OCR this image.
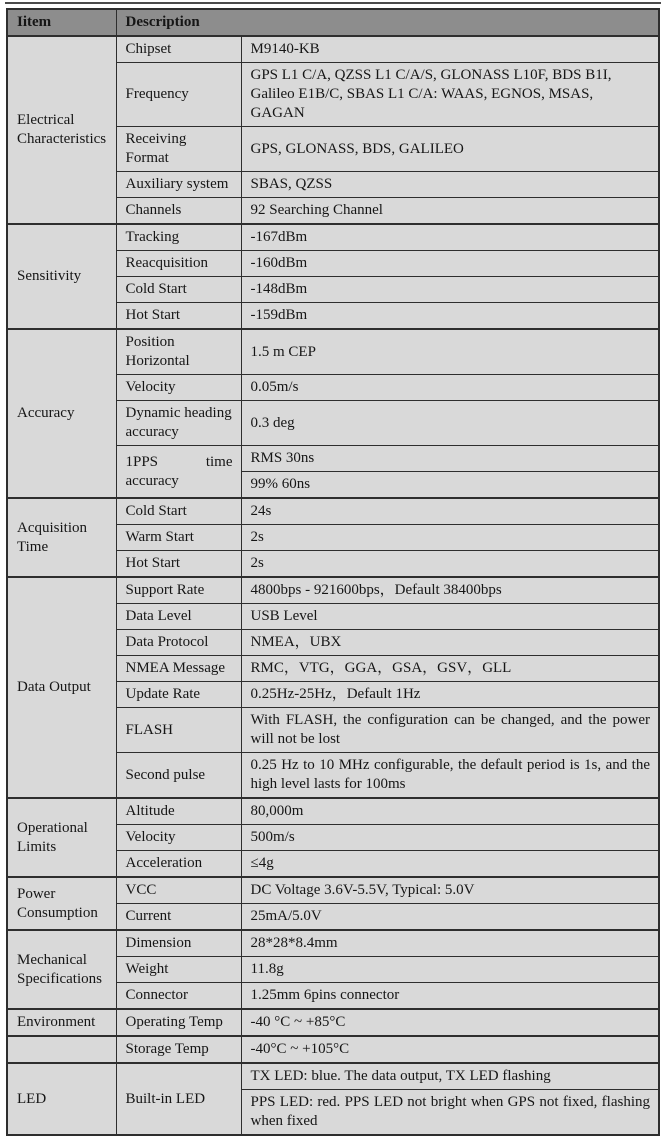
Iitem	Description	
Electrical Characteristics	Chipset	M9140-KB
	Frequency	GPS L1 C/A, QZSS L1 C/A/S, GLONASS L10F, BDS B1I, Galileo E1B/C, SBAS L1 C/A: WAAS, EGNOS, MSAS, GAGAN
	Receiving Format	GPS, GLONASS, BDS, GALILEO
	Auxiliary system	SBAS, QZSS
	Channels	92 Searching Channel
Sensitivity	Tracking	-167dBm
	Reacquisition	-160dBm
	Cold Start	-148dBm
	Hot Start	-159dBm
Accuracy	Position Horizontal	1.5 m CEP
	Velocity	0.05m/s
	Dynamic heading accuracy	0.3 deg
	1PPS time accuracy	RMS 30ns
		99% 60ns
Acquisition Time	Cold Start	24s
	Warm Start	2s
	Hot Start	2s
Data Output	Support Rate	4800bps - 921600bps，Default 38400bps
	Data Level	USB Level
	Data Protocol	NMEA，UBX
	NMEA Message	RMC，VTG，GGA，GSA，GSV，GLL
	Update Rate	0.25Hz-25Hz，Default 1Hz
	FLASH	With FLASH, the configuration can be changed, and the power will not be lost
	Second pulse	0.25 Hz to 10 MHz configurable, the default period is 1s, and the high level lasts for 100ms
Operational Limits	Altitude	80,000m
	Velocity	500m/s
	Acceleration	≤4g
Power Consumption	VCC	DC Voltage 3.6V-5.5V, Typical: 5.0V
	Current	25mA/5.0V
Mechanical Specifications	Dimension	28*28*8.4mm
	Weight	11.8g
	Connector	1.25mm 6pins connector
Environment	Operating Temp	-40 °C ~ +85°C
	Storage Temp	-40°C ~ +105°C
LED	Built-in LED	TX LED: blue. The data output, TX LED flashing
		PPS LED: red. PPS LED not bright when GPS not fixed, flashing when fixed
